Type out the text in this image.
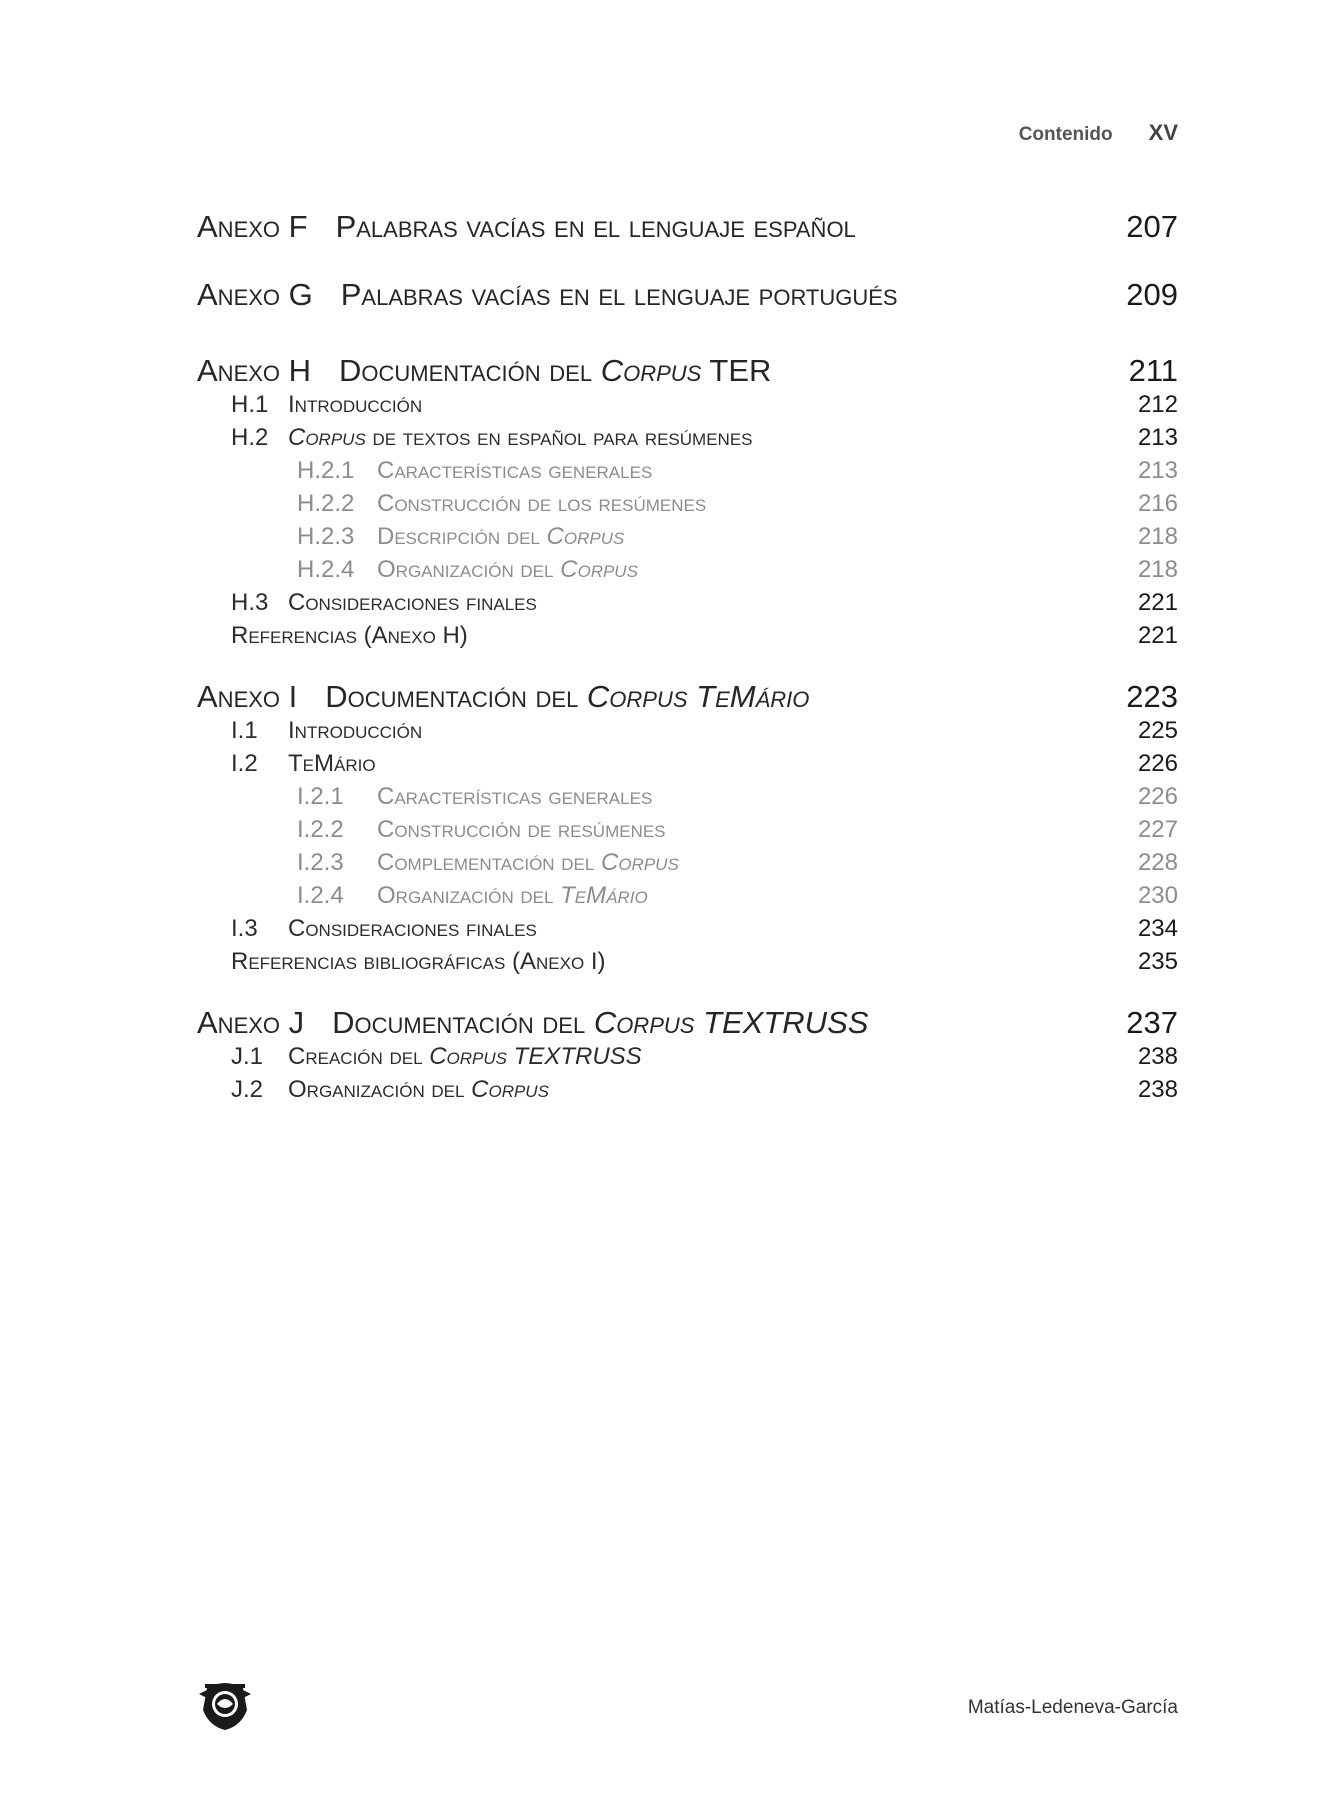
Contenido XV
Anexo F Palabras vacías en el lenguaje español	207
Anexo G Palabras vacías en el lenguaje portugués	209
Anexo H Documentación del Corpus TER	211
H.1 Introducción	212
H.2 Corpus de textos en español para resúmenes	213
H.2.1 Características generales	213
H.2.2 Construcción de los resúmenes	216
H.2.3 Descripción del Corpus	218
H.2.4 Organización del Corpus	218
H.3 Consideraciones finales	221
Referencias (Anexo H)	221
Anexo I Documentación del Corpus TeMário	223
I.1	Introducción	225
I.2	TeMário	226
I.2.1	Características generales	226
I.2.2	Construcción de resúmenes	227
I.2.3	Complementación del Corpus	228
I.2.4	Organización del TeMário	230
I.3	Consideraciones finales	234
Referencias bibliográficas (Anexo I)	235
Anexo J Documentación del Corpus TEXTRUSS	237
J.1	Creación del Corpus TEXTRUSS	238
J.2	Organización del Corpus	238
Matías-Ledeneva-García
